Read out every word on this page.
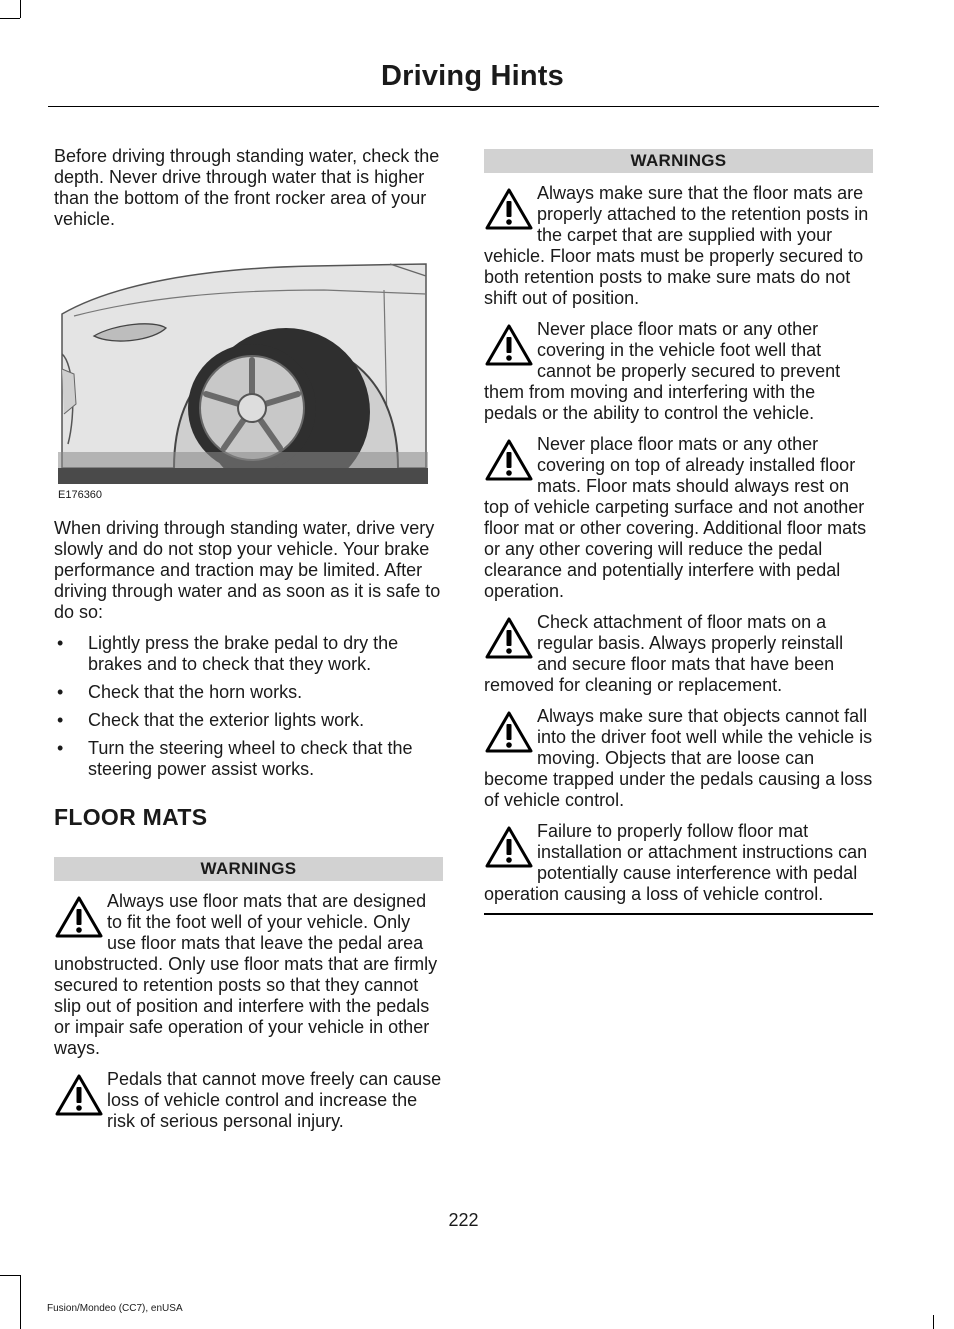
Driving Hints

Before driving through standing water, check the depth. Never drive through water that is higher than the bottom of the front rocker area of your vehicle.

E176360

When driving through standing water, drive very slowly and do not stop your vehicle. Your brake performance and traction may be limited. After driving through water and as soon as it is safe to do so:

• Lightly press the brake pedal to dry the brakes and to check that they work.
• Check that the horn works.
• Check that the exterior lights work.
• Turn the steering wheel to check that the steering power assist works.
FLOOR MATS
WARNINGS
Always use floor mats that are designed to fit the foot well of your vehicle. Only use floor mats that leave the pedal area unobstructed. Only use floor mats that are firmly secured to retention posts so that they cannot slip out of position and interfere with the pedals or impair safe operation of your vehicle in other ways.
Pedals that cannot move freely can cause loss of vehicle control and increase the risk of serious personal injury.
WARNINGS
Always make sure that the floor mats are properly attached to the retention posts in the carpet that are supplied with your vehicle. Floor mats must be properly secured to both retention posts to make sure mats do not shift out of position.
Never place floor mats or any other covering in the vehicle foot well that cannot be properly secured to prevent them from moving and interfering with the pedals or the ability to control the vehicle.
Never place floor mats or any other covering on top of already installed floor mats. Floor mats should always rest on top of vehicle carpeting surface and not another floor mat or other covering. Additional floor mats or any other covering will reduce the pedal clearance and potentially interfere with pedal operation.
Check attachment of floor mats on a regular basis. Always properly reinstall and secure floor mats that have been removed for cleaning or replacement.
Always make sure that objects cannot fall into the driver foot well while the vehicle is moving. Objects that are loose can become trapped under the pedals causing a loss of vehicle control.
Failure to properly follow floor mat installation or attachment instructions can potentially cause interference with pedal operation causing a loss of vehicle control.
222
Fusion/Mondeo (CC7), enUSA
